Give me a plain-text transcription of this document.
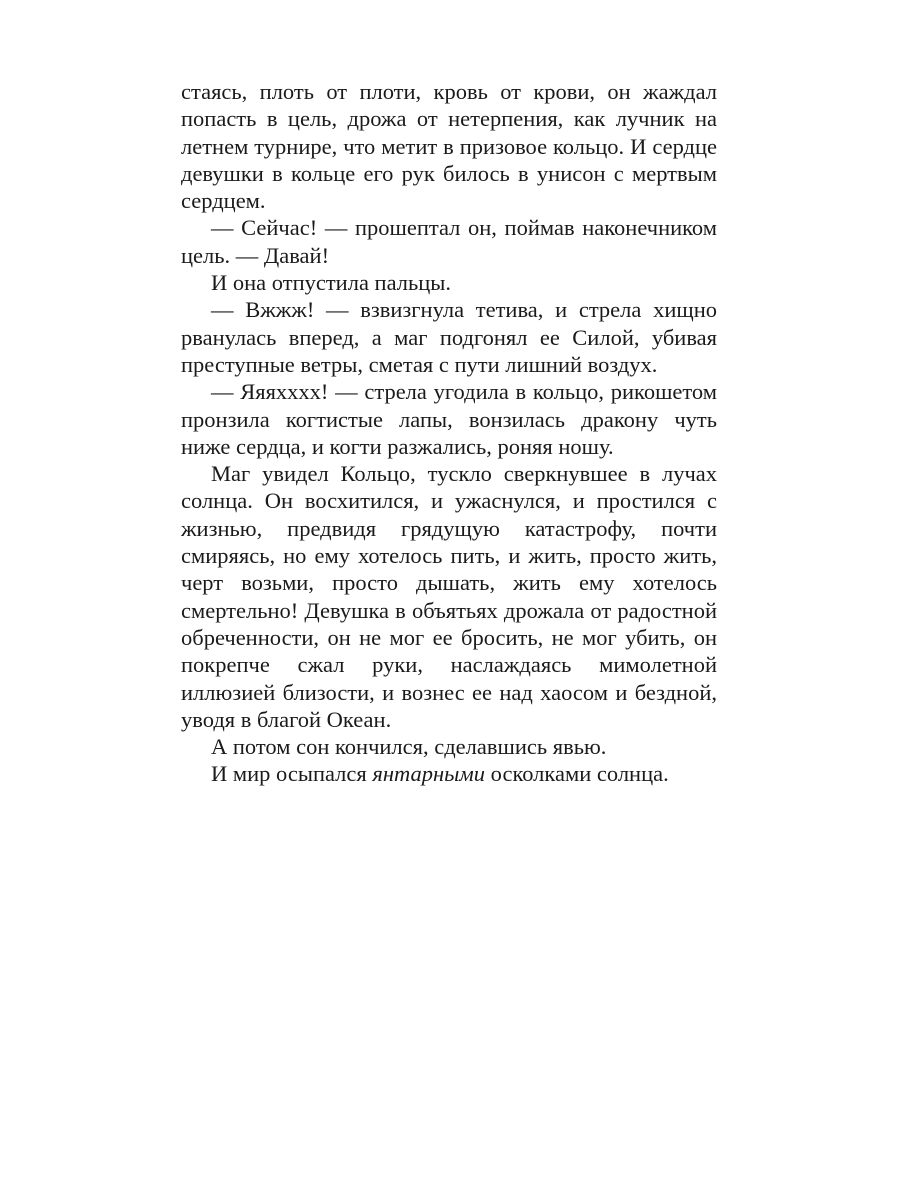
стаясь, плоть от плоти, кровь от крови, он жаждал попасть в цель, дрожа от нетерпения, как лучник на летнем турнире, что метит в призовое кольцо. И сердце девушки в кольце его рук билось в унисон с мертвым сердцем.

— Сейчас! — прошептал он, поймав наконечником цель. — Давай!

И она отпустила пальцы.

— Вжжж! — взвизгнула тетива, и стрела хищно рванулась вперед, а маг подгонял ее Силой, убивая преступные ветры, сметая с пути лишний воздух.

— Яяяхххх! — стрела угодила в кольцо, рикошетом пронзила когтистые лапы, вонзилась дракону чуть ниже сердца, и когти разжались, роняя ношу.

Маг увидел Кольцо, тускло сверкнувшее в лучах солнца. Он восхитился, и ужаснулся, и простился с жизнью, предвидя грядущую катастрофу, почти смиряясь, но ему хотелось пить, и жить, просто жить, черт возьми, просто дышать, жить ему хотелось смертельно! Девушка в объятьях дрожала от радостной обреченности, он не мог ее бросить, не мог убить, он покрепче сжал руки, наслаждаясь мимолетной иллюзией близости, и вознес ее над хаосом и бездной, уводя в благой Океан.

А потом сон кончился, сделавшись явью.

И мир осыпался янтарными осколками солнца.
